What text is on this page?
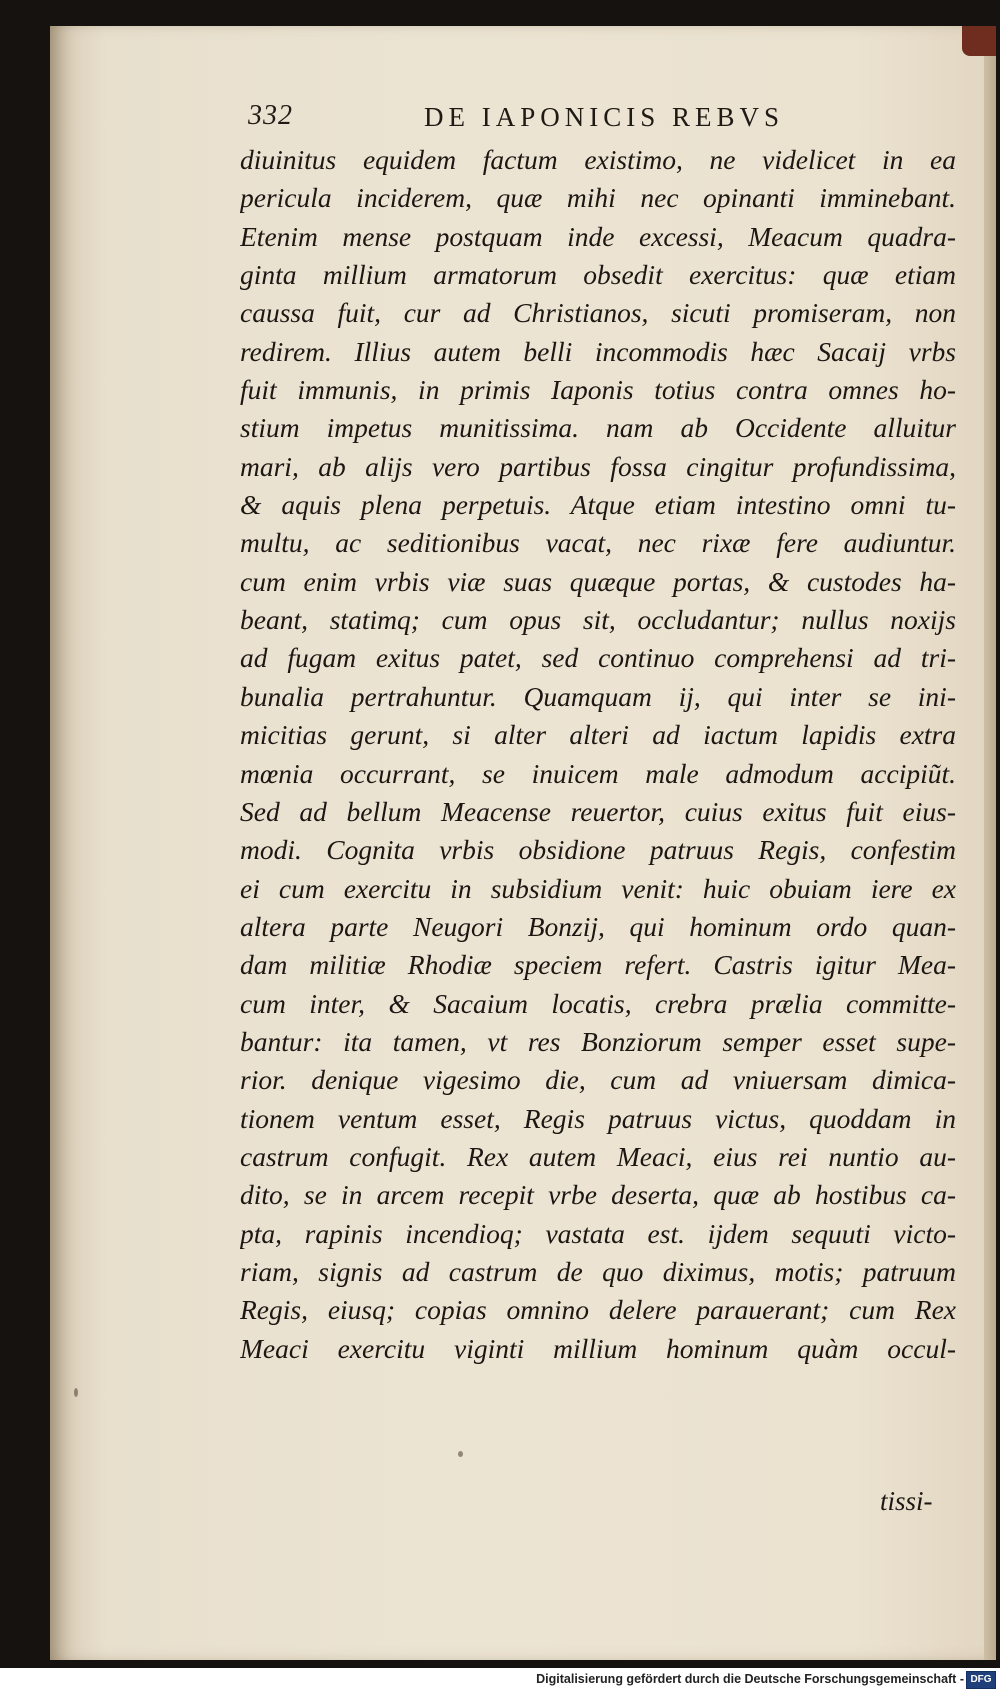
332	DE IAPONICIS REBVS
diuinitus equidem factum existimo, ne videlicet in ea
pericula inciderem, quæ mihi nec opinanti imminebant.
Etenim mense postquam inde excessi, Meacum quadra-
ginta millium armatorum obsedit exercitus: quæ etiam
caussa fuit, cur ad Christianos, sicuti promiseram, non
redirem. Illius autem belli incommodis hæc Sacaij vrbs
fuit immunis, in primis Iaponis totius contra omnes ho-
stium impetus munitissima. nam ab Occidente alluitur
mari, ab alijs vero partibus fossa cingitur profundissima,
& aquis plena perpetuis. Atque etiam intestino omni tu-
multu, ac seditionibus vacat, nec rixæ fere audiuntur.
cum enim vrbis viæ suas quæque portas, & custodes ha-
beant, statimq; cum opus sit, occludantur; nullus noxijs
ad fugam exitus patet, sed continuo comprehensi ad tri-
bunalia pertrahuntur. Quamquam ij, qui inter se ini-
micitias gerunt, si alter alteri ad iactum lapidis extra
mœnia occurrant, se inuicem male admodum accipiũt.
Sed ad bellum Meacense reuertor, cuius exitus fuit eius-
modi. Cognita vrbis obsidione patruus Regis, confestim
ei cum exercitu in subsidium venit: huic obuiam iere ex
altera parte Neugori Bonzij, qui hominum ordo quan-
dam militiæ Rhodiæ speciem refert. Castris igitur Mea-
cum inter, & Sacaium locatis, crebra prælia committe-
bantur: ita tamen, vt res Bonziorum semper esset supe-
rior. denique vigesimo die, cum ad vniuersam dimica-
tionem ventum esset, Regis patruus victus, quoddam in
castrum confugit. Rex autem Meaci, eius rei nuntio au-
dito, se in arcem recepit vrbe deserta, quæ ab hostibus ca-
pta, rapinis incendioq; vastata est. ijdem sequuti victo-
riam, signis ad castrum de quo diximus, motis; patruum
Regis, eiusq; copias omnino delere parauerant; cum Rex
Meaci exercitu viginti millium hominum quàm occul-
tissi-
Digitalisierung gefördert durch die Deutsche Forschungsgemeinschaft - DFG
